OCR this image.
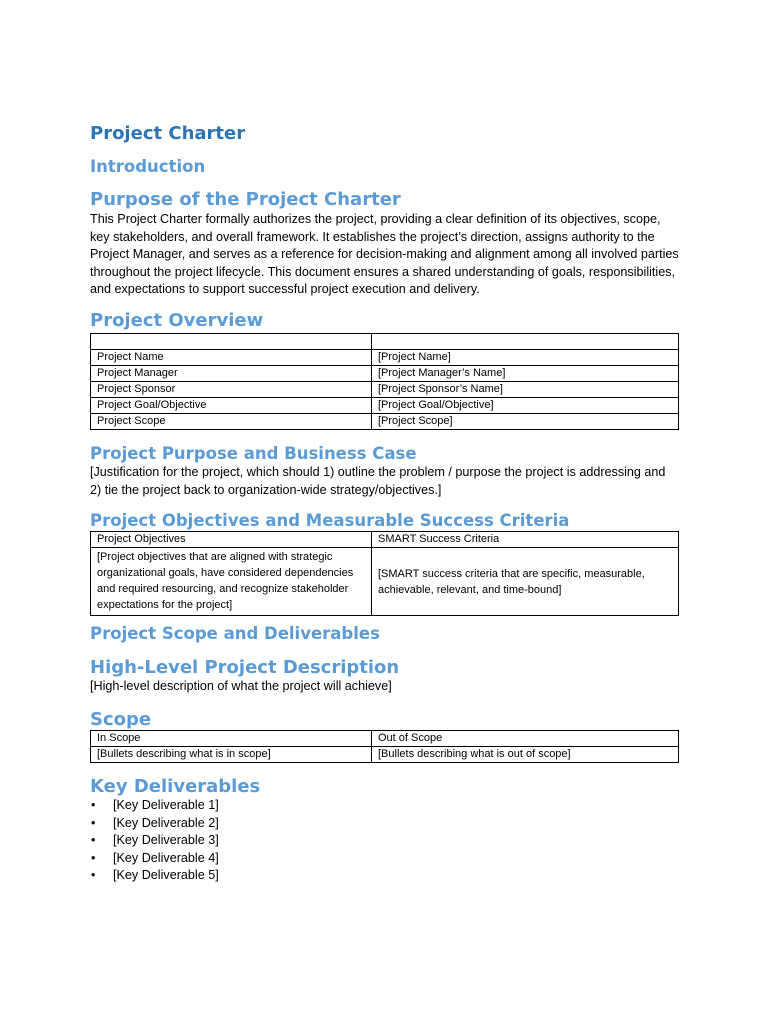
Project Charter
Introduction
Purpose of the Project Charter

This Project Charter formally authorizes the project, providing a clear definition of its objectives, scope, key stakeholders, and overall framework. It establishes the project’s direction, assigns authority to the Project Manager, and serves as a reference for decision-making and alignment among all involved parties throughout the project lifecycle. This document ensures a shared understanding of goals, responsibilities, and expectations to support successful project execution and delivery.

Project Overview

Project Name	[Project Name]
Project Manager	[Project Manager’s Name]
Project Sponsor	[Project Sponsor’s Name]
Project Goal/Objective	[Project Goal/Objective]
Project Scope	[Project Scope]
Project Purpose and Business Case

[Justification for the project, which should 1) outline the problem / purpose the project is addressing and 2) tie the project back to organization-wide strategy/objectives.]

Project Objectives and Measurable Success Criteria
Project Objectives	SMART Success Criteria
[Project objectives that are aligned with strategic organizational goals, have considered dependencies and required resourcing, and recognize stakeholder expectations for the project]	[SMART success criteria that are specific, measurable, achievable, relevant, and time-bound]
Project Scope and Deliverables
High-Level Project Description

[High-level description of what the project will achieve]

Scope
In Scope	Out of Scope
[Bullets describing what is in scope]	[Bullets describing what is out of scope]
Key Deliverables
• [Key Deliverable 1]
• [Key Deliverable 2]
• [Key Deliverable 3]
• [Key Deliverable 4]
• [Key Deliverable 5]
